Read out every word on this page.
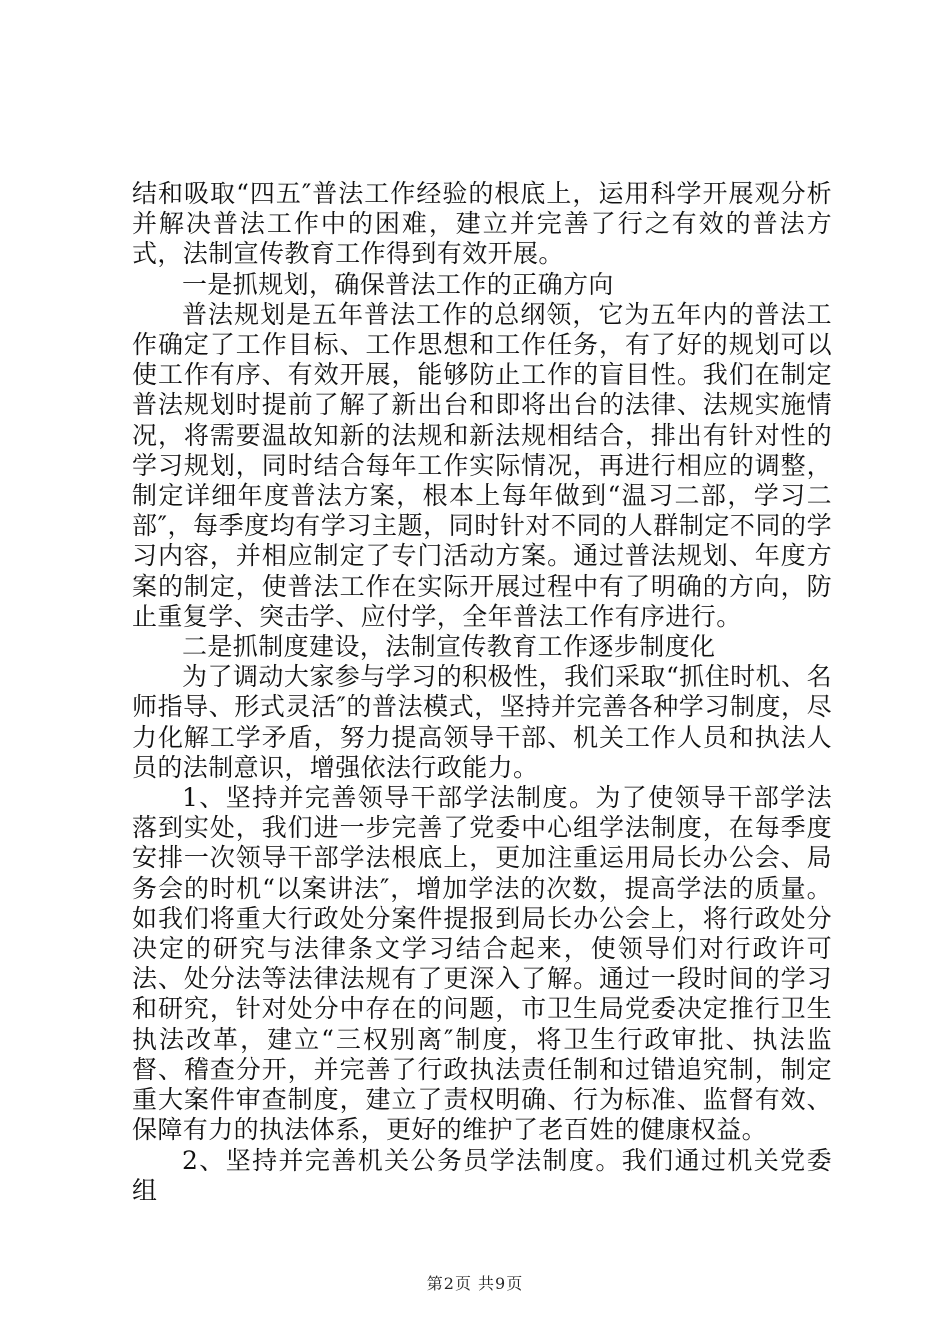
结和吸取“四五″普法工作经验的根底上，运用科学开展观分析并解决普法工作中的困难，建立并完善了行之有效的普法方式，法制宣传教育工作得到有效开展。

一是抓规划，确保普法工作的正确方向

普法规划是五年普法工作的总纲领，它为五年内的普法工作确定了工作目标、工作思想和工作任务，有了好的规划可以使工作有序、有效开展，能够防止工作的盲目性。我们在制定普法规划时提前了解了新出台和即将出台的法律、法规实施情况，将需要温故知新的法规和新法规相结合，排出有针对性的学习规划，同时结合每年工作实际情况，再进行相应的调整，制定详细年度普法方案，根本上每年做到“温习二部，学习二部″，每季度均有学习主题，同时针对不同的人群制定不同的学习内容，并相应制定了专门活动方案。通过普法规划、年度方案的制定，使普法工作在实际开展过程中有了明确的方向，防止重复学、突击学、应付学，全年普法工作有序进行。

二是抓制度建设，法制宣传教育工作逐步制度化

为了调动大家参与学习的积极性，我们采取“抓住时机、名师指导、形式灵活″的普法模式，坚持并完善各种学习制度，尽力化解工学矛盾，努力提高领导干部、机关工作人员和执法人员的法制意识，增强依法行政能力。

1、坚持并完善领导干部学法制度。为了使领导干部学法落到实处，我们进一步完善了党委中心组学法制度，在每季度安排一次领导干部学法根底上，更加注重运用局长办公会、局务会的时机“以案讲法″，增加学法的次数，提高学法的质量。如我们将重大行政处分案件提报到局长办公会上，将行政处分决定的研究与法律条文学习结合起来，使领导们对行政许可法、处分法等法律法规有了更深入了解。通过一段时间的学习和研究，针对处分中存在的问题，市卫生局党委决定推行卫生执法改革，建立“三权别离″制度，将卫生行政审批、执法监督、稽查分开，并完善了行政执法责任制和过错追究制，制定重大案件审查制度，建立了责权明确、行为标准、监督有效、保障有力的执法体系，更好的维护了老百姓的健康权益。

2、坚持并完善机关公务员学法制度。我们通过机关党委组

第2页 共9页
